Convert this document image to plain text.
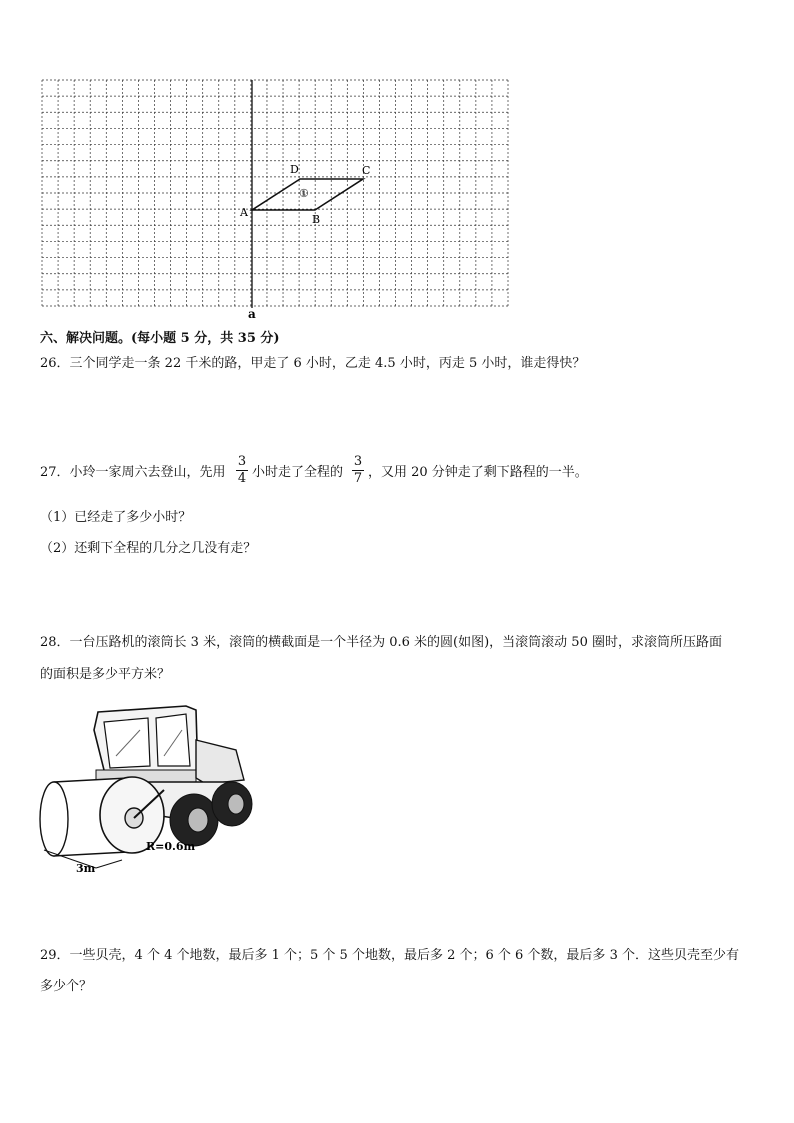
A
B
C
D
①
a
六、解决问题。(每小题 5 分，共 35 分)
26．三个同学走一条 22 千米的路，甲走了 6 小时，乙走 4.5 小时，丙走 5 小时，谁走得快？
27．小玲一家周六去登山，先用
3
4 小时走了全程的
3
7 ，又用 20 分钟走了剩下路程的一半。
（1）已经走了多少小时？
（2）还剩下全程的几分之几没有走？
28．一台压路机的滚筒长 3 米，滚筒的横截面是一个半径为 0.6 米的圆(如图)，当滚筒滚动 50 圈时，求滚筒所压路面
的面积是多少平方米？
R=0.6m
3m
29．一些贝壳，4 个 4 个地数，最后多 1 个；5 个 5 个地数，最后多 2 个；6 个 6 个数，最后多 3 个．这些贝壳至少有
多少个？
